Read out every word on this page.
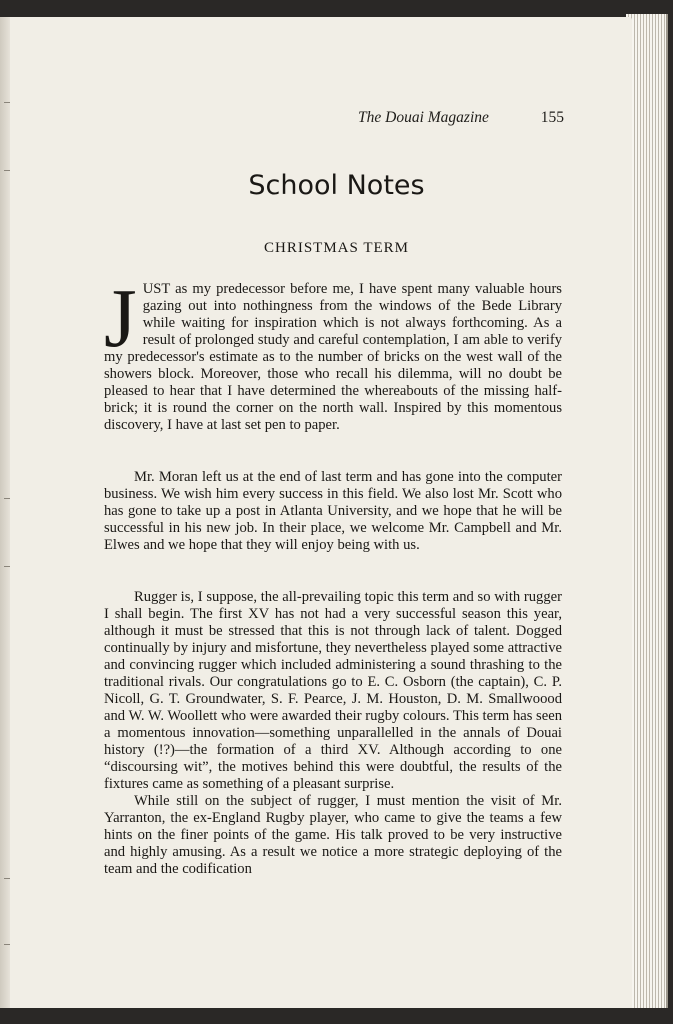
The Douai Magazine	155
School Notes
CHRISTMAS TERM

JUST as my predecessor before me, I have spent many valuable hours gazing out into nothingness from the windows of the Bede Library while waiting for inspiration which is not always forthcoming. As a result of prolonged study and careful contemplation, I am able to verify my predecessor's estimate as to the number of bricks on the west wall of the showers block. Moreover, those who recall his dilemma, will no doubt be pleased to hear that I have determined the whereabouts of the missing half-brick; it is round the corner on the north wall. Inspired by this momentous discovery, I have at last set pen to paper.

Mr. Moran left us at the end of last term and has gone into the computer business. We wish him every success in this field. We also lost Mr. Scott who has gone to take up a post in Atlanta University, and we hope that he will be successful in his new job. In their place, we welcome Mr. Campbell and Mr. Elwes and we hope that they will enjoy being with us.

Rugger is, I suppose, the all-prevailing topic this term and so with rugger I shall begin. The first XV has not had a very successful season this year, although it must be stressed that this is not through lack of talent. Dogged continually by injury and misfortune, they nevertheless played some attractive and convincing rugger which included administering a sound thrashing to the traditional rivals. Our congratulations go to E. C. Osborn (the captain), C. P. Nicoll, G. T. Groundwater, S. F. Pearce, J. M. Houston, D. M. Smallwoood and W. W. Woollett who were awarded their rugby colours. This term has seen a momentous innovation—something unparallelled in the annals of Douai history (!?)—the formation of a third XV. Although according to one “discoursing wit”, the motives behind this were doubtful, the results of the fixtures came as something of a pleasant surprise.

While still on the subject of rugger, I must mention the visit of Mr. Yarranton, the ex-England Rugby player, who came to give the teams a few hints on the finer points of the game. His talk proved to be very instructive and highly amusing. As a result we notice a more strategic deploying of the team and the codification
